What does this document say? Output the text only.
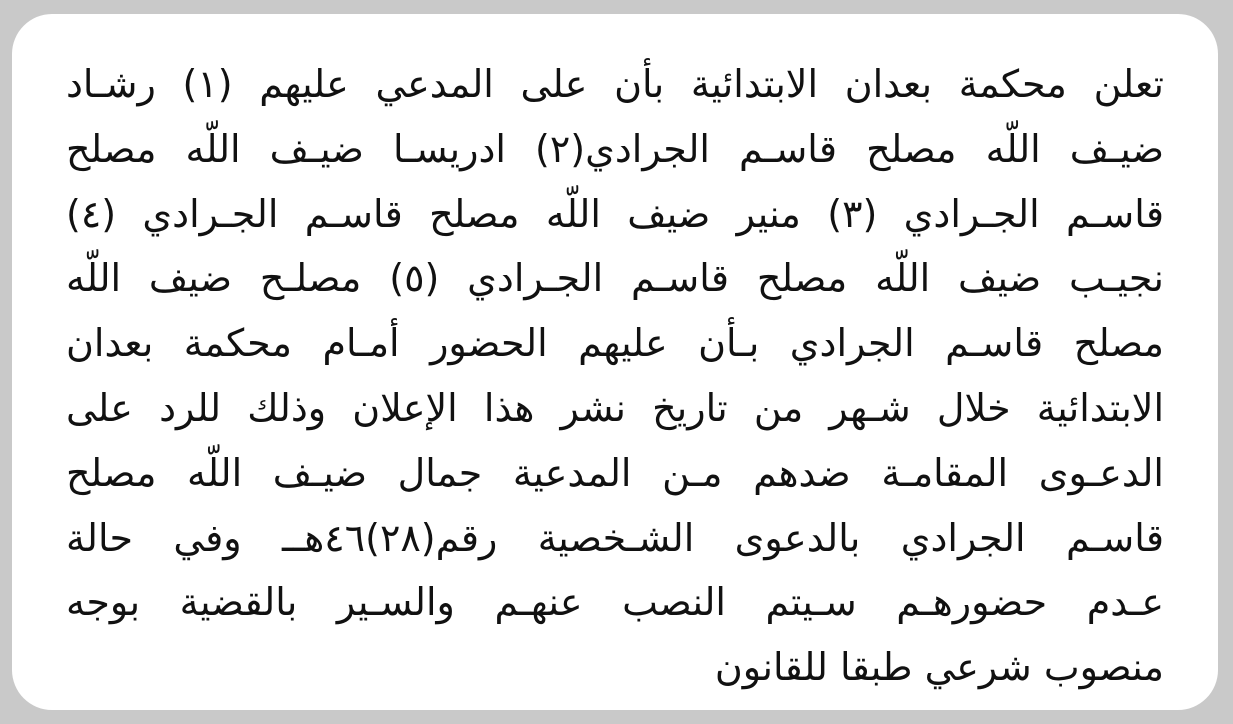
تعلن محكمة بعدان الابتدائية بأن على المدعي عليهم (١) رشـاد
ضيـف اللّه مصلح قاسـم الجرادي(٢) ادريسـا ضيـف اللّه مصلح
قاسـم الجـرادي (٣) منير ضيف اللّه مصلح قاسـم الجـرادي (٤)
نجيـب ضيف اللّه مصلح قاسـم الجـرادي (٥) مصلـح ضيف اللّه
مصلح قاسـم الجرادي بـأن عليهم الحضور أمـام محكمة بعدان
الابتدائية خلال شـهر من تاريخ نشر هذا الإعلان وذلك للرد على
الدعـوى المقامـة ضدهم مـن المدعية جمال ضيـف اللّه مصلح
قاسـم الجرادي بالدعوى الشـخصية رقم(٢٨)٤٦هــ وفي حالة
عـدم حضورهـم سـيتم النصب عنهـم والسـير بالقضية بوجه
منصوب شرعي طبقا للقانون
